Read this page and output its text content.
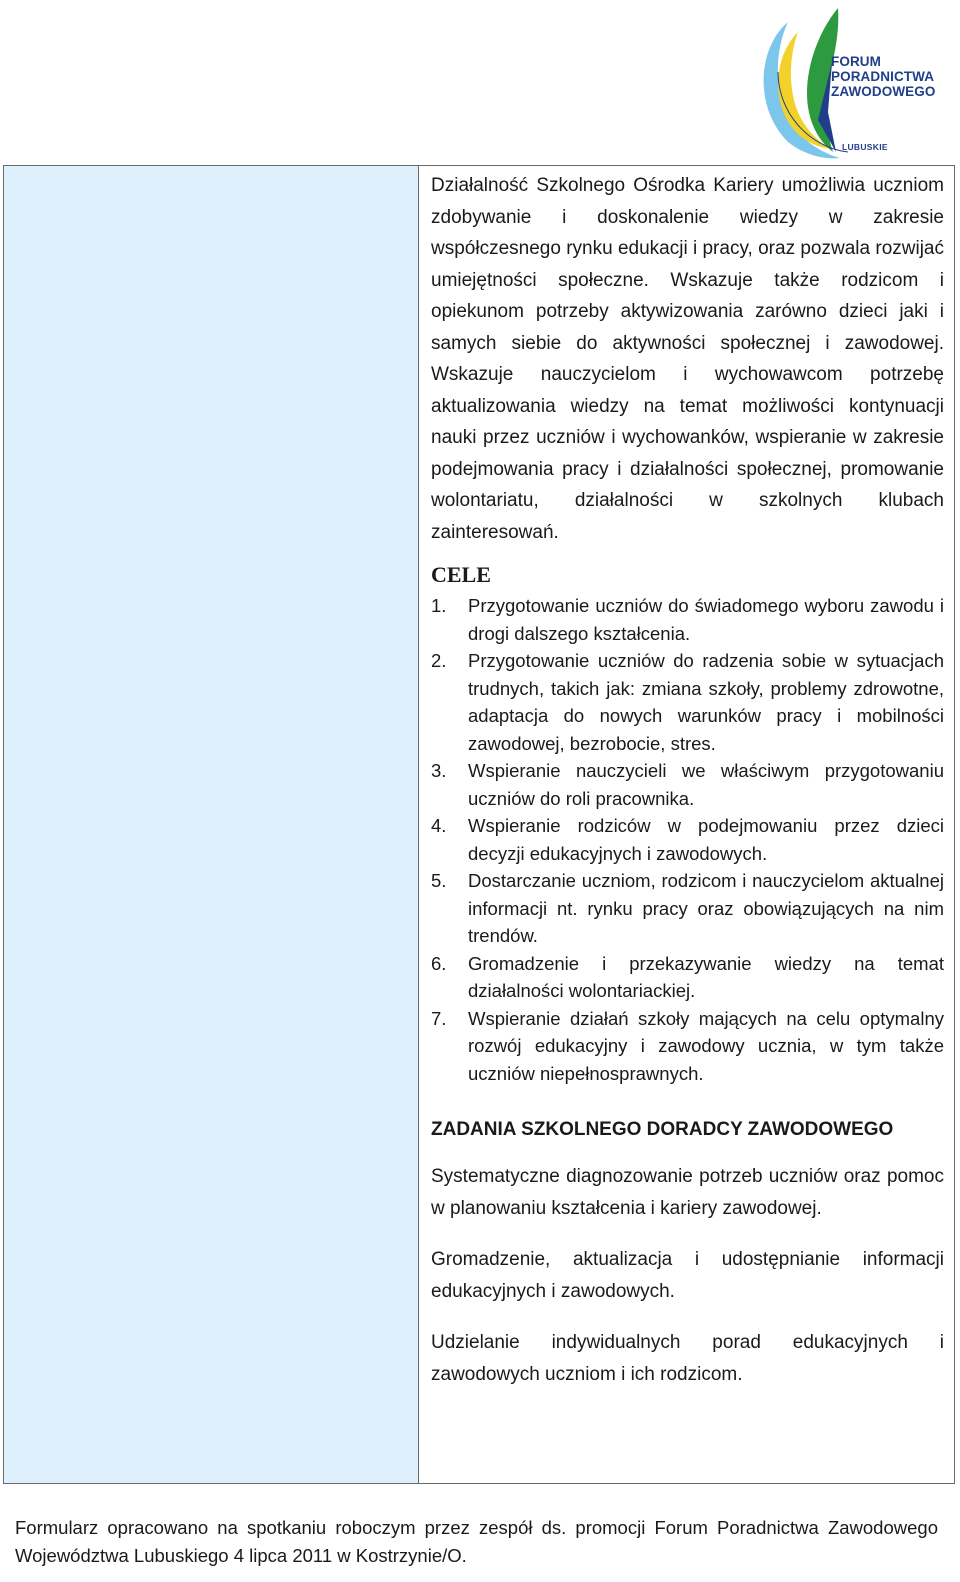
FORUM
PORADNICTWA
ZAWODOWEGO
LUBUSKIE

Działalność Szkolnego Ośrodka Kariery umożliwia uczniom zdobywanie i doskonalenie wiedzy w zakresie współczesnego rynku edukacji i pracy, oraz pozwala rozwijać umiejętności społeczne. Wskazuje także rodzicom i opiekunom potrzeby aktywizowania zarówno dzieci jaki i samych siebie do aktywności społecznej i zawodowej. Wskazuje nauczycielom i wychowawcom potrzebę aktualizowania wiedzy na temat możliwości kontynuacji nauki przez uczniów i wychowanków, wspieranie w zakresie podejmowania pracy i działalności społecznej, promowanie wolontariatu, działalności w szkolnych klubach zainteresowań.

CELE
1.	Przygotowanie uczniów do świadomego wyboru zawodu i drogi dalszego kształcenia.
2.	Przygotowanie uczniów do radzenia sobie w sytuacjach trudnych, takich jak: zmiana szkoły, problemy zdrowotne, adaptacja do nowych warunków pracy i mobilności zawodowej, bezrobocie, stres.
3.	Wspieranie nauczycieli we właściwym przygotowaniu uczniów do roli pracownika.
4.	Wspieranie rodziców w podejmowaniu przez dzieci decyzji edukacyjnych i zawodowych.
5.	Dostarczanie uczniom, rodzicom i nauczycielom aktualnej informacji nt. rynku pracy oraz obowiązujących na nim trendów.
6.	Gromadzenie i przekazywanie wiedzy na temat działalności wolontariackiej.
7.	Wspieranie działań szkoły mających na celu optymalny rozwój edukacyjny i zawodowy ucznia, w tym także uczniów niepełnosprawnych.
ZADANIA SZKOLNEGO DORADCY ZAWODOWEGO

Systematyczne diagnozowanie potrzeb uczniów oraz pomoc w planowaniu kształcenia i kariery zawodowej.

Gromadzenie, aktualizacja i udostępnianie informacji edukacyjnych i zawodowych.

Udzielanie indywidualnych porad edukacyjnych i zawodowych uczniom i ich rodzicom.

Formularz opracowano na spotkaniu roboczym przez zespół ds. promocji Forum Poradnictwa Zawodowego Województwa Lubuskiego 4 lipca 2011 w Kostrzynie/O.
